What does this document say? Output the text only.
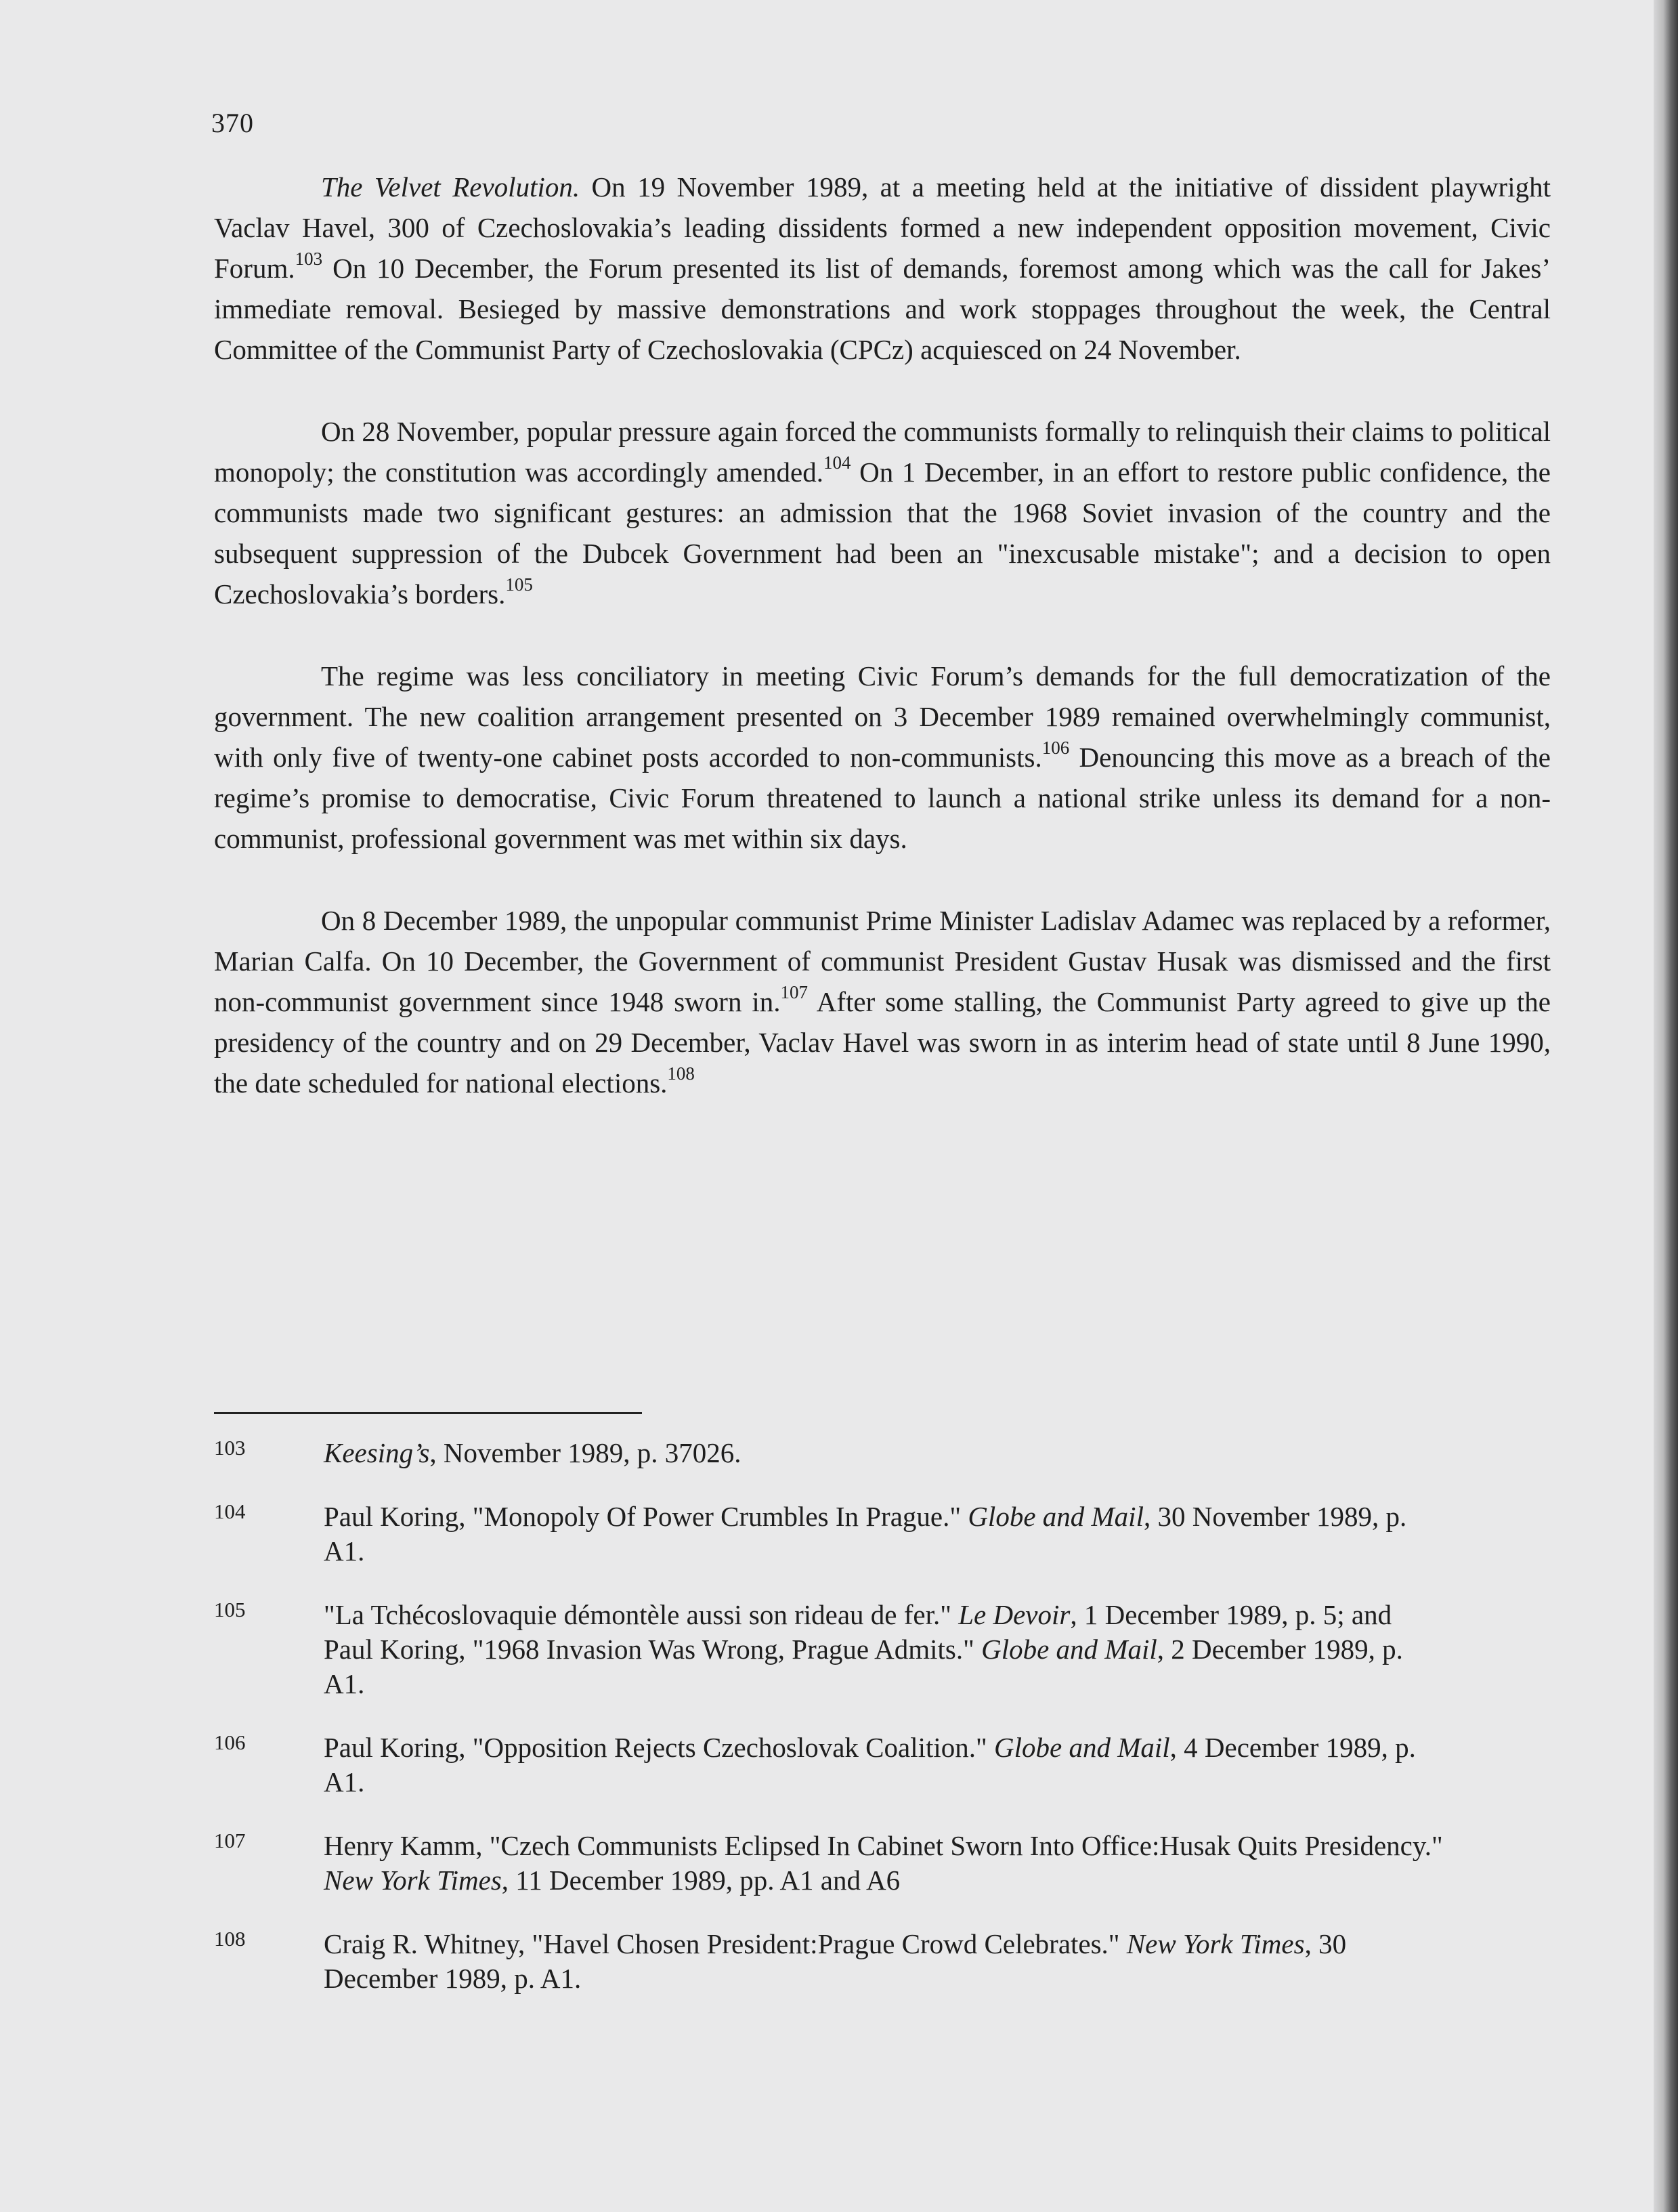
370

The Velvet Revolution. On 19 November 1989, at a meeting held at the initiative of dissident playwright Vaclav Havel, 300 of Czechoslovakia’s leading dissidents formed a new independent opposition movement, Civic Forum.$^{103}$ On 10 December, the Forum presented its list of demands, foremost among which was the call for Jakes’ immediate removal. Besieged by massive demonstrations and work stoppages throughout the week, the Central Committee of the Communist Party of Czechoslovakia (CPCz) acquiesced on 24 November.

On 28 November, popular pressure again forced the communists formally to relinquish their claims to political monopoly; the constitution was accordingly amended.$^{104}$ On 1 December, in an effort to restore public confidence, the communists made two significant gestures: an admission that the 1968 Soviet invasion of the country and the subsequent suppression of the Dubcek Government had been an "inexcusable mistake"; and a decision to open Czechoslovakia’s borders.$^{105}$

The regime was less conciliatory in meeting Civic Forum’s demands for the full democratization of the government. The new coalition arrangement presented on 3 December 1989 remained overwhelmingly communist, with only five of twenty-one cabinet posts accorded to non-communists.$^{106}$ Denouncing this move as a breach of the regime’s promise to democratise, Civic Forum threatened to launch a national strike unless its demand for a non-communist, professional government was met within six days.

On 8 December 1989, the unpopular communist Prime Minister Ladislav Adamec was replaced by a reformer, Marian Calfa. On 10 December, the Government of communist President Gustav Husak was dismissed and the first non-communist government since 1948 sworn in.$^{107}$ After some stalling, the Communist Party agreed to give up the presidency of the country and on 29 December, Vaclav Havel was sworn in as interim head of state until 8 June 1990, the date scheduled for national elections.$^{108}$

103	Keesing’s, November 1989, p. 37026.
104	Paul Koring, "Monopoly Of Power Crumbles In Prague." Globe and Mail, 30 November 1989, p. A1.
105	"La Tchécoslovaquie démontèle aussi son rideau de fer." Le Devoir, 1 December 1989, p. 5; and Paul Koring, "1968 Invasion Was Wrong, Prague Admits." Globe and Mail, 2 December 1989, p. A1.
106	Paul Koring, "Opposition Rejects Czechoslovak Coalition." Globe and Mail, 4 December 1989, p. A1.
107	Henry Kamm, "Czech Communists Eclipsed In Cabinet Sworn Into Office:Husak Quits Presidency." New York Times, 11 December 1989, pp. A1 and A6
108	Craig R. Whitney, "Havel Chosen President:Prague Crowd Celebrates." New York Times, 30 December 1989, p. A1.
